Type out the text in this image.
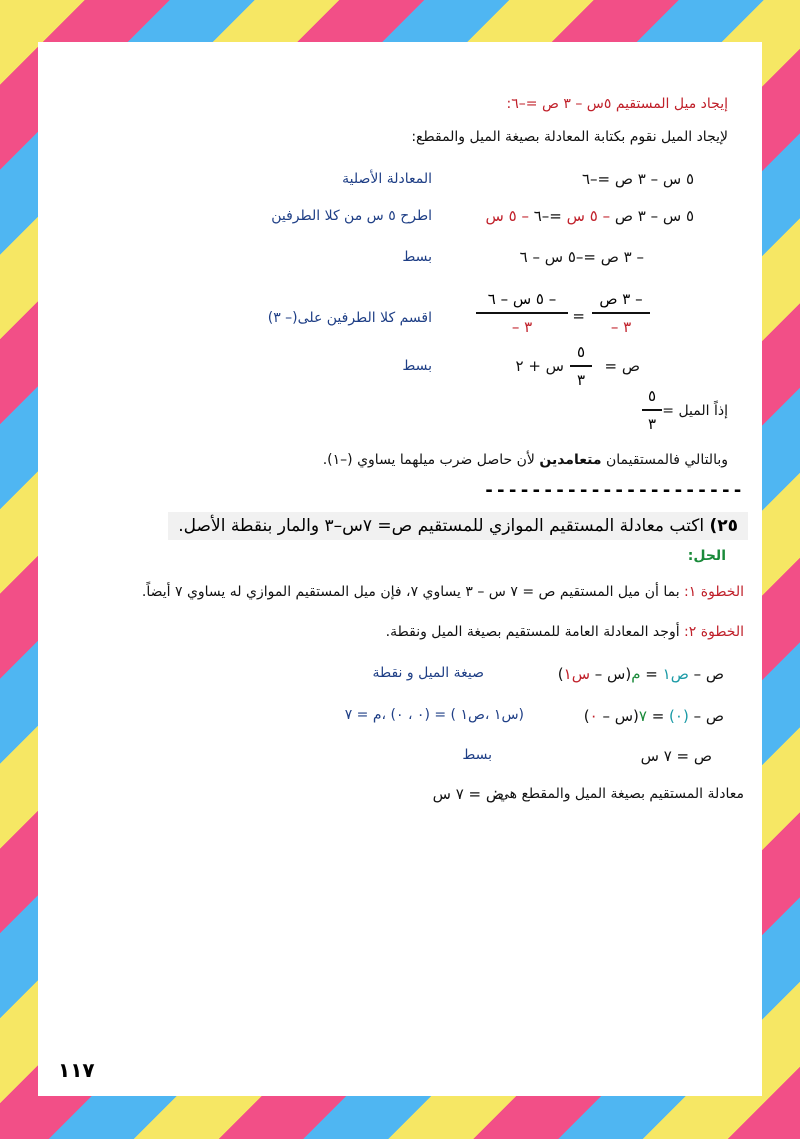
إيجاد ميل المستقيم ٥س – ٣ ص =–٦:
لإيجاد الميل نقوم بكتابة المعادلة بصيغة الميل والمقطع:
٥ س – ٣ ص =–٦
المعادلة الأصلية
٥ س – ٣ ص – ٥ س =–٦ – ٥ س
اطرح ٥ س من كلا الطرفين
– ٣ ص =–٥ س – ٦
بسط
– ٣ ص
٣ –
=
– ٥ س – ٦
٣ –
اقسم كلا الطرفين على(– ٣)
ص =
٥
٣
س + ٢
بسط
إذاً الميل =
٥
٣
وبالتالي فالمستقيمان متعامدين لأن حاصل ضرب ميلهما يساوي (–١).
----------------------
٢٥) اكتب معادلة المستقيم الموازي للمستقيم ص= ٧س–٣ والمار بنقطة الأصل.
الحل:
الخطوة ١: بما أن ميل المستقيم ص = ٧ س – ٣ يساوي ٧، فإن ميل المستقيم الموازي له يساوي ٧ أيضاً.
الخطوة ٢: أوجد المعادلة العامة للمستقيم بصيغة الميل ونقطة.
ص – ص١ = م(س – س١)
صيغة الميل و نقطة
ص – (٠) = ٧(س – ٠)
(س١ ،ص١ ) = (٠ ، ٠) ،م = ٧
ص = ٧ س
بسط
معادلة المستقيم بصيغة الميل والمقطع هي:
ص = ٧ س
١١٧
